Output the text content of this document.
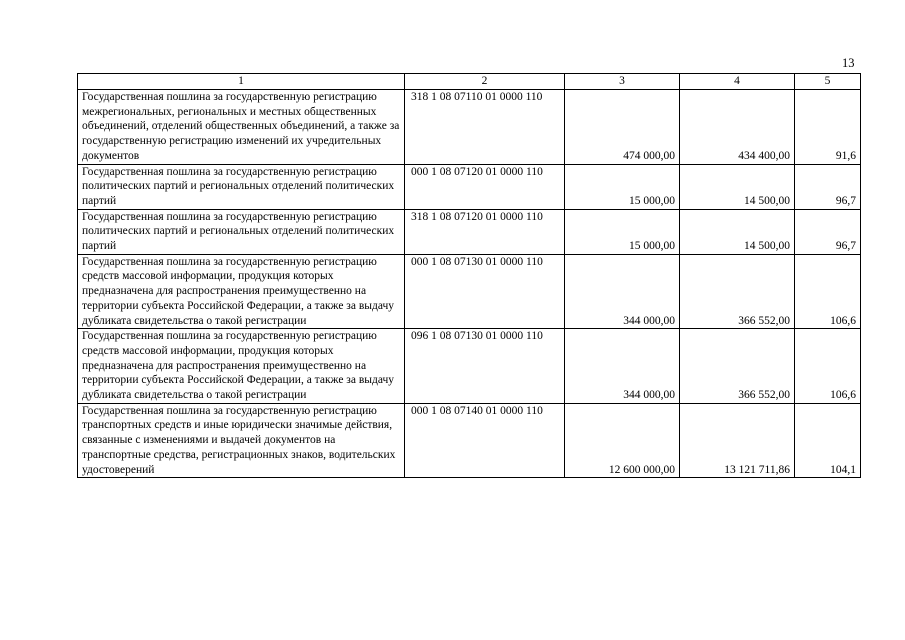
13
1	2	3	4	5
Государственная пошлина за государственную регистрацию межрегиональных, региональных и местных общественных объединений, отделений общественных объединений, а также за государственную регистрацию изменений их учредительных документов	318 1 08 07110 01 0000 110	474 000,00	434 400,00	91,6
Государственная пошлина за государственную регистрацию политических партий и региональных отделений политических партий	000 1 08 07120 01 0000 110	15 000,00	14 500,00	96,7
Государственная пошлина за государственную регистрацию политических партий и региональных отделений политических партий	318 1 08 07120 01 0000 110	15 000,00	14 500,00	96,7
Государственная пошлина за государственную регистрацию средств массовой информации, продукция которых предназначена для распространения преимущественно на территории субъекта Российской Федерации, а также за выдачу дубликата свидетельства о такой регистрации	000 1 08 07130 01 0000 110	344 000,00	366 552,00	106,6
Государственная пошлина за государственную регистрацию средств массовой информации, продукция которых предназначена для распространения преимущественно на территории субъекта Российской Федерации, а также за выдачу дубликата свидетельства о такой регистрации	096 1 08 07130 01 0000 110	344 000,00	366 552,00	106,6
Государственная пошлина за государственную регистрацию транспортных средств и иные юридически значимые действия, связанные с изменениями и выдачей документов на транспортные средства, регистрационных знаков, водительских удостоверений	000 1 08 07140 01 0000 110	12 600 000,00	13 121 711,86	104,1
